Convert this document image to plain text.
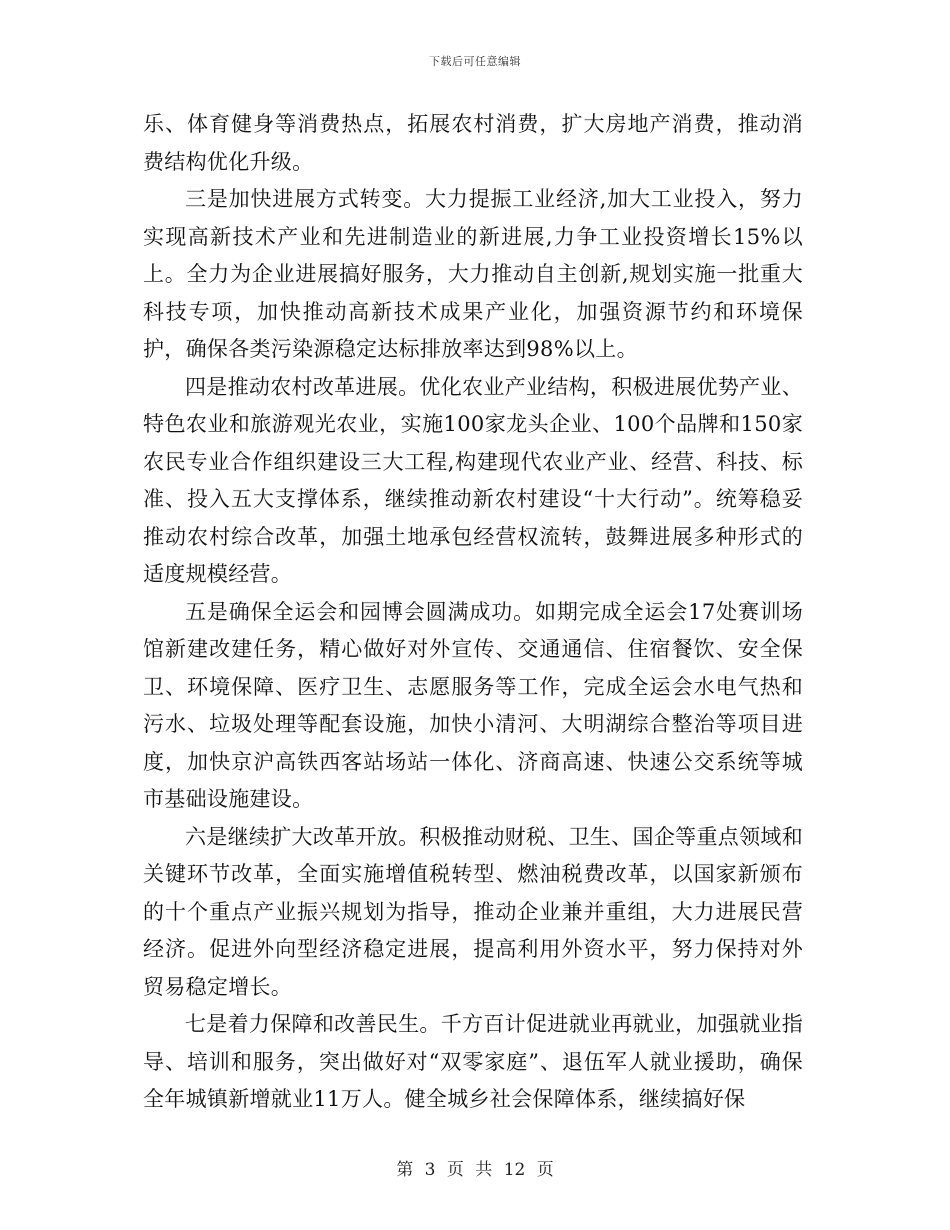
下载后可任意编辑

乐、体育健身等消费热点，拓展农村消费，扩大房地产消费，推动消费结构优化升级。

三是加快进展方式转变。大力提振工业经济,加大工业投入，努力实现高新技术产业和先进制造业的新进展,力争工业投资增长15%以上。全力为企业进展搞好服务，大力推动自主创新,规划实施一批重大科技专项，加快推动高新技术成果产业化，加强资源节约和环境保护，确保各类污染源稳定达标排放率达到98%以上。

四是推动农村改革进展。优化农业产业结构，积极进展优势产业、特色农业和旅游观光农业，实施100家龙头企业、100个品牌和150家农民专业合作组织建设三大工程,构建现代农业产业、经营、科技、标准、投入五大支撑体系，继续推动新农村建设“十大行动”。统筹稳妥推动农村综合改革，加强土地承包经营权流转，鼓舞进展多种形式的适度规模经营。

五是确保全运会和园博会圆满成功。如期完成全运会17处赛训场馆新建改建任务，精心做好对外宣传、交通通信、住宿餐饮、安全保卫、环境保障、医疗卫生、志愿服务等工作，完成全运会水电气热和污水、垃圾处理等配套设施，加快小清河、大明湖综合整治等项目进度，加快京沪高铁西客站场站一体化、济商高速、快速公交系统等城市基础设施建设。

六是继续扩大改革开放。积极推动财税、卫生、国企等重点领域和关键环节改革，全面实施增值税转型、燃油税费改革，以国家新颁布的十个重点产业振兴规划为指导，推动企业兼并重组，大力进展民营经济。促进外向型经济稳定进展，提高利用外资水平，努力保持对外贸易稳定增长。

七是着力保障和改善民生。千方百计促进就业再就业，加强就业指导、培训和服务，突出做好对“双零家庭”、退伍军人就业援助，确保全年城镇新增就业11万人。健全城乡社会保障体系，继续搞好保

第 3 页 共 12 页
